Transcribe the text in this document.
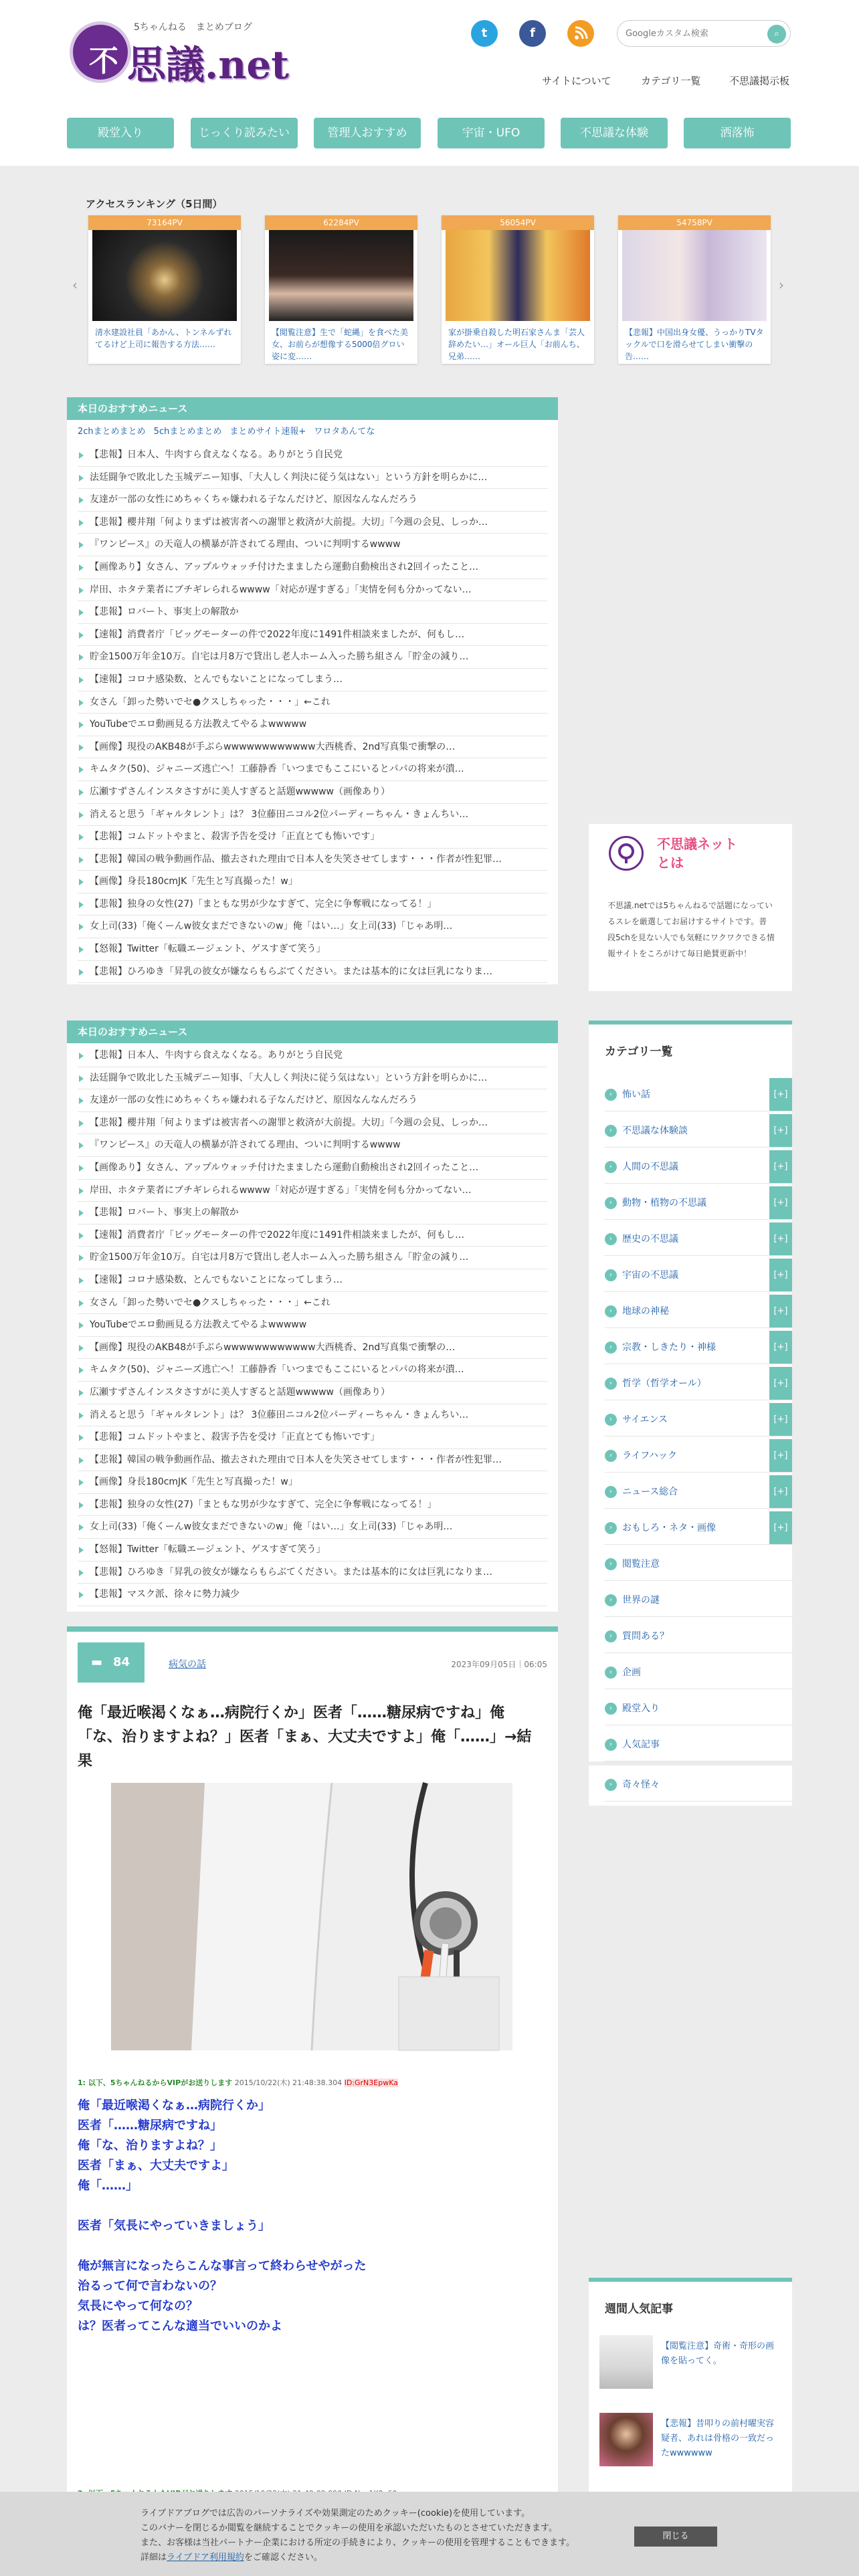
不
5ちゃんねる　まとめブログ
思議.net
t	f
Googleカスタム検索	⌕
サイトについて	カテゴリ一覧	不思議掲示板
殿堂入り	じっくり読みたい	管理人おすすめ	宇宙・UFO	不思議な体験	洒落怖
アクセスランキング（5日間）
‹	›
73164PV
清水建設社員「あかん、トンネルずれてるけど上司に報告する方法……
62284PV
【閲覧注意】生で「蛇縄」を食べた美女、お前らが想像する5000倍グロい姿に変……
56054PV
家が掛乗自殺した明石家さんま「芸人辞めたい…」オール巨人「お前んち、兄弟……
54758PV
【悲報】中国出身女優、うっかりTVタックルで口を滑らせてしまい衝撃の告……
本日のおすすめニュース
2chまとめまとめ 5chまとめまとめ まとめサイト速報+ ワロタあんてな
【悲報】日本人、牛肉すら食えなくなる。ありがとう自民党
法廷闘争で敗北した玉城デニー知事、「大人しく判決に従う気はない」という方針を明らかに…
友達が一部の女性にめちゃくちゃ嫌われる子なんだけど、原因なんなんだろう
【悲報】櫻井翔「何よりまずは被害者への謝罪と救済が大前提。大切」「今週の会見、しっか…
『ワンピース』の天竜人の横暴が許されてる理由、ついに判明するwwww
【画像あり】女さん、アップルウォッチ付けたまましたら運動自動検出され2回イったこと…
岸田、ホタテ業者にブチギレられるwwww「対応が遅すぎる」「実情を何も分かってない…
【悲報】ロバート、事実上の解散か
【速報】消費者庁「ビッグモーターの件で2022年度に1491件相談来ましたが、何もし…
貯金1500万年金10万。自宅は月8万で貸出し老人ホーム入った勝ち組さん「貯金の減り…
【速報】コロナ感染数、とんでもないことになってしまう…
女さん「卸った勢いでセ●クスしちゃった・・・」←これ
YouTubeでエロ動画見る方法教えてやるよwwwww
【画像】現役のAKB48が手ぶらwwwwwwwwwwww大西桃香、2nd写真集で衝撃の…
キムタク(50)、ジャニーズ逃亡へ！工藤静香「いつまでもここにいるとパパの将来が潰…
広瀬すずさんインスタさすがに美人すぎると話題wwwww（画像あり）
消えると思う「ギャルタレント」は？ 3位藤田ニコル2位パーディーちゃん・きょんちい…
【悲報】コムドットやまと、殺害予告を受け「正直とても怖いです」
【悲報】韓国の戦争動画作品、撤去された理由で日本人を失笑させてします・・・作者が性犯罪…
【画像】身長180cmJK「先生と写真撮った！w」
【悲報】独身の女性(27)「まともな男が少なすぎて、完全に争奪戦になってる！」
女上司(33)「俺くーんw彼女まだできないのw」俺「はい…」女上司(33)「じゃあ明…
【怒報】Twitter「転職エージェント、ゲスすぎて笑う」
【悲報】ひろゆき「昇乳の彼女が嫌ならもらぶてください。または基本的に女は巨乳になりま…
本日のおすすめニュース
【悲報】日本人、牛肉すら食えなくなる。ありがとう自民党
法廷闘争で敗北した玉城デニー知事、「大人しく判決に従う気はない」という方針を明らかに…
友達が一部の女性にめちゃくちゃ嫌われる子なんだけど、原因なんなんだろう
【悲報】櫻井翔「何よりまずは被害者への謝罪と救済が大前提。大切」「今週の会見、しっか…
『ワンピース』の天竜人の横暴が許されてる理由、ついに判明するwwww
【画像あり】女さん、アップルウォッチ付けたまましたら運動自動検出され2回イったこと…
岸田、ホタテ業者にブチギレられるwwww「対応が遅すぎる」「実情を何も分かってない…
【悲報】ロバート、事実上の解散か
【速報】消費者庁「ビッグモーターの件で2022年度に1491件相談来ましたが、何もし…
貯金1500万年金10万。自宅は月8万で貸出し老人ホーム入った勝ち組さん「貯金の減り…
【速報】コロナ感染数、とんでもないことになってしまう…
女さん「卸った勢いでセ●クスしちゃった・・・」←これ
YouTubeでエロ動画見る方法教えてやるよwwwww
【画像】現役のAKB48が手ぶらwwwwwwwwwwww大西桃香、2nd写真集で衝撃の…
キムタク(50)、ジャニーズ逃亡へ！工藤静香「いつまでもここにいるとパパの将来が潰…
広瀬すずさんインスタさすがに美人すぎると話題wwwww（画像あり）
消えると思う「ギャルタレント」は？ 3位藤田ニコル2位パーディーちゃん・きょんちい…
【悲報】コムドットやまと、殺害予告を受け「正直とても怖いです」
【悲報】韓国の戦争動画作品、撤去された理由で日本人を失笑させてします・・・作者が性犯罪…
【画像】身長180cmJK「先生と写真撮った！w」
【悲報】独身の女性(27)「まともな男が少なすぎて、完全に争奪戦になってる！」
女上司(33)「俺くーんw彼女まだできないのw」俺「はい…」女上司(33)「じゃあ明…
【怒報】Twitter「転職エージェント、ゲスすぎて笑う」
【悲報】ひろゆき「昇乳の彼女が嫌ならもらぶてください。または基本的に女は巨乳になりま…
【悲報】マスク派、徐々に勢力減少
▬ 84	病気の話	2023年09月05日｜06:05
俺「最近喉渇くなぁ…病院行くか」医者「……糖尿病ですね」俺「な、治りますよね？」医者「まぁ、大丈夫ですよ」俺「……」→結果
1: 以下、5ちゃんねるからVIPがお送りします 2015/10/22(木) 21:48:38.304 ID:GrN3EpwKa
俺「最近喉渇くなぁ…病院行くか」
医者「……糖尿病ですね」
俺「な、治りますよね？」
医者「まぁ、大丈夫ですよ」
俺「……」
医者「気長にやっていきましょう」
俺が無言になったらこんな事言って終わらせやがった
治るって何で言わないの？
気長にやって何なの？
は？医者ってこんな適当でいいのかよ
不思議ネットとは
不思議.netでは5ちゃんねるで話題になっているスレを厳選してお届けするサイトです。普段5chを見ない人でも気軽にワクワクできる情報サイトをころがけて毎日絶賛更新中！
カテゴリ一覧
›	怖い話	[+]
›	不思議な体験談	[+]
›	人間の不思議	[+]
›	動物・植物の不思議	[+]
›	歴史の不思議	[+]
›	宇宙の不思議	[+]
›	地球の神秘	[+]
›	宗教・しきたり・神様	[+]
›	哲学（哲学オール）	[+]
›	サイエンス	[+]
›	ライフハック	[+]
›	ニュース総合	[+]
›	おもしろ・ネタ・画像	[+]
›	閲覧注意
›	世界の謎
›	質問ある？
›	企画
›	殿堂入り
›	人気記事
›	奇々怪々
週間人気記事
【閲覧注意】奇術・奇形の画像を貼ってく。
【悲報】昔叩りの前村曜実容疑者、あれは骨格の一致だったwwwwww
ライブドアブログでは広告のパーソナライズや効果測定のためクッキー(cookie)を使用しています。
このバナーを閉じるか閲覧を継続することでクッキーの使用を承認いただいたものとさせていただきます。
また、お客様は当社パートナー企業における所定の手続きにより、クッキーの使用を管理することもできます。
詳細はライブドア利用規約をご確認ください。
閉じる
